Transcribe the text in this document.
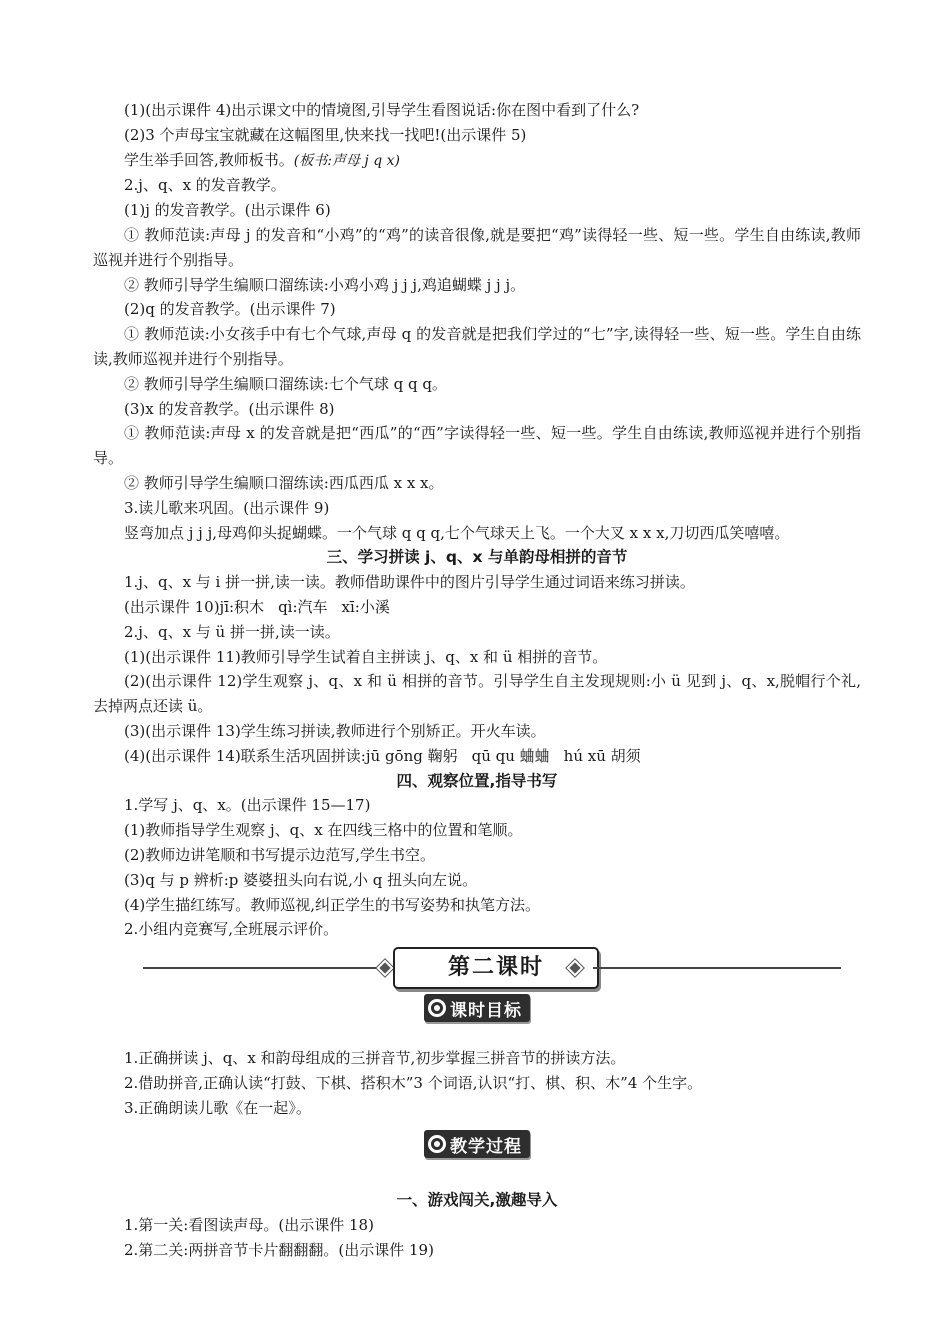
(1)(出示课件 4)出示课文中的情境图,引导学生看图说话:你在图中看到了什么?
(2)3 个声母宝宝就藏在这幅图里,快来找一找吧!(出示课件 5)
学生举手回答,教师板书。(板书:声母 j q x)
2.j、q、x 的发音教学。
(1)j 的发音教学。(出示课件 6)
① 教师范读:声母 j 的发音和“小鸡”的“鸡”的读音很像,就是要把“鸡”读得轻一些、短一些。学生自由练读,教师巡视并进行个别指导。
② 教师引导学生编顺口溜练读:小鸡小鸡 j j j,鸡追蝴蝶 j j j。
(2)q 的发音教学。(出示课件 7)
① 教师范读:小女孩手中有七个气球,声母 q 的发音就是把我们学过的“七”字,读得轻一些、短一些。学生自由练读,教师巡视并进行个别指导。
② 教师引导学生编顺口溜练读:七个气球 q q q。
(3)x 的发音教学。(出示课件 8)
① 教师范读:声母 x 的发音就是把“西瓜”的“西”字读得轻一些、短一些。学生自由练读,教师巡视并进行个别指导。
② 教师引导学生编顺口溜练读:西瓜西瓜 x x x。
3.读儿歌来巩固。(出示课件 9)
竖弯加点 j j j,母鸡仰头捉蝴蝶。一个气球 q q q,七个气球天上飞。一个大叉 x x x,刀切西瓜笑嘻嘻。
三、学习拼读 j、q、x 与单韵母相拼的音节
1.j、q、x 与 i 拼一拼,读一读。教师借助课件中的图片引导学生通过词语来练习拼读。
(出示课件 10)jī:积木 qì:汽车 xī:小溪
2.j、q、x 与 ü 拼一拼,读一读。
(1)(出示课件 11)教师引导学生试着自主拼读 j、q、x 和 ü 相拼的音节。
(2)(出示课件 12)学生观察 j、q、x 和 ü 相拼的音节。引导学生自主发现规则:小 ü 见到 j、q、x,脱帽行个礼,去掉两点还读 ü。
(3)(出示课件 13)学生练习拼读,教师进行个别矫正。开火车读。
(4)(出示课件 14)联系生活巩固拼读:jū gōng 鞠躬 qū qu 蛐蛐 hú xū 胡须
四、观察位置,指导书写
1.学写 j、q、x。(出示课件 15—17)
(1)教师指导学生观察 j、q、x 在四线三格中的位置和笔顺。
(2)教师边讲笔顺和书写提示边范写,学生书空。
(3)q 与 p 辨析:p 婆婆扭头向右说,小 q 扭头向左说。
(4)学生描红练写。教师巡视,纠正学生的书写姿势和执笔方法。
2.小组内竞赛写,全班展示评价。
第二课时
课时目标
1.正确拼读 j、q、x 和韵母组成的三拼音节,初步掌握三拼音节的拼读方法。
2.借助拼音,正确认读“打鼓、下棋、搭积木”3 个词语,认识“打、棋、积、木”4 个生字。
3.正确朗读儿歌《在一起》。
教学过程
一、游戏闯关,激趣导入
1.第一关:看图读声母。(出示课件 18)
2.第二关:两拼音节卡片翻翻翻。(出示课件 19)
